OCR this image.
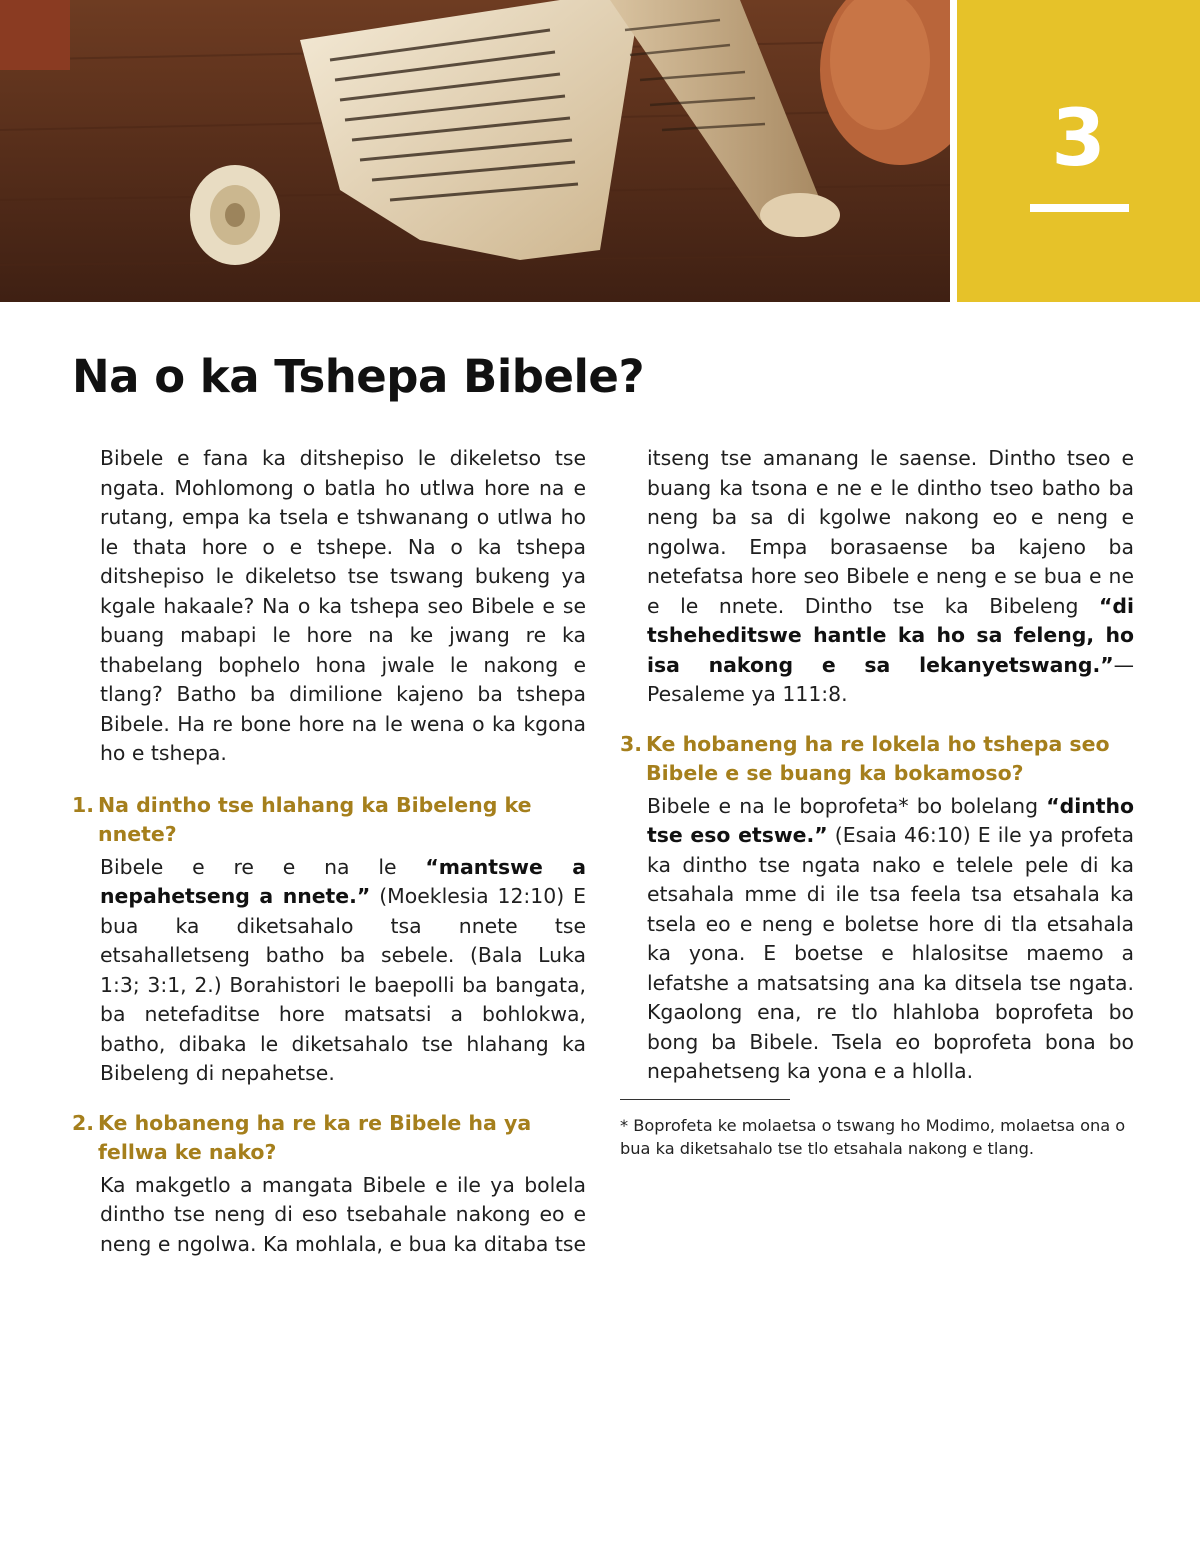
3
Na o ka Tshepa Bibele?

Bibele e fana ka ditshepiso le dikeletso tse ngata. Mohlomong o batla ho utlwa hore na e rutang, empa ka tsela e tshwanang o utlwa ho le thata hore o e tshepe. Na o ka tshepa ditshepiso le dikeletso tse tswang bukeng ya kgale hakaale? Na o ka tshepa seo Bibele e se buang mabapi le hore na ke jwang re ka thabelang bophelo hona jwale le nakong e tlang? Batho ba dimilione kajeno ba tshepa Bibele. Ha re bone hore na le wena o ka kgona ho e tshepa.

1. Na dintho tse hlahang ka Bibeleng ke nnete?

Bibele e re e na le “mantswe a nepahetseng a nnete.” (Moeklesia 12:10) E bua ka diketsahalo tsa nnete tse etsahalletseng batho ba sebele. (Bala Luka 1:3; 3:1, 2.) Borahistori le baepolli ba bangata, ba netefaditse hore matsatsi a bohlokwa, batho, dibaka le diketsahalo tse hlahang ka Bibeleng di nepahetse.

2. Ke hobaneng ha re ka re Bibele ha ya fellwa ke nako?

Ka makgetlo a mangata Bibele e ile ya bolela dintho tse neng di eso tsebahale nakong eo e neng e ngolwa. Ka mohlala, e bua ka ditaba tse

itseng tse amanang le saense. Dintho tseo e buang ka tsona e ne e le dintho tseo batho ba neng ba sa di kgolwe nakong eo e neng e ngolwa. Empa borasaense ba kajeno ba netefatsa hore seo Bibele e neng e se bua e ne e le nnete. Dintho tse ka Bibeleng “di tsheheditswe hantle ka ho sa feleng, ho isa nakong e sa lekanyetswang.”—Pesaleme ya 111:8.

3. Ke hobaneng ha re lokela ho tshepa seo Bibele e se buang ka bokamoso?

Bibele e na le boprofeta* bo bolelang “dintho tse eso etswe.” (Esaia 46:10) E ile ya profeta ka dintho tse ngata nako e telele pele di ka etsahala mme di ile tsa feela tsa etsahala ka tsela eo e neng e boletse hore di tla etsahala ka yona. E boetse e hlalositse maemo a lefatshe a matsatsing ana ka ditsela tse ngata. Kgaolong ena, re tlo hlahloba boprofeta bo bong ba Bibele. Tsela eo boprofeta bona bo nepahetseng ka yona e a hlolla.

* Boprofeta ke molaetsa o tswang ho Modimo, molaetsa ona o bua ka diketsahalo tse tlo etsahala nakong e tlang.
